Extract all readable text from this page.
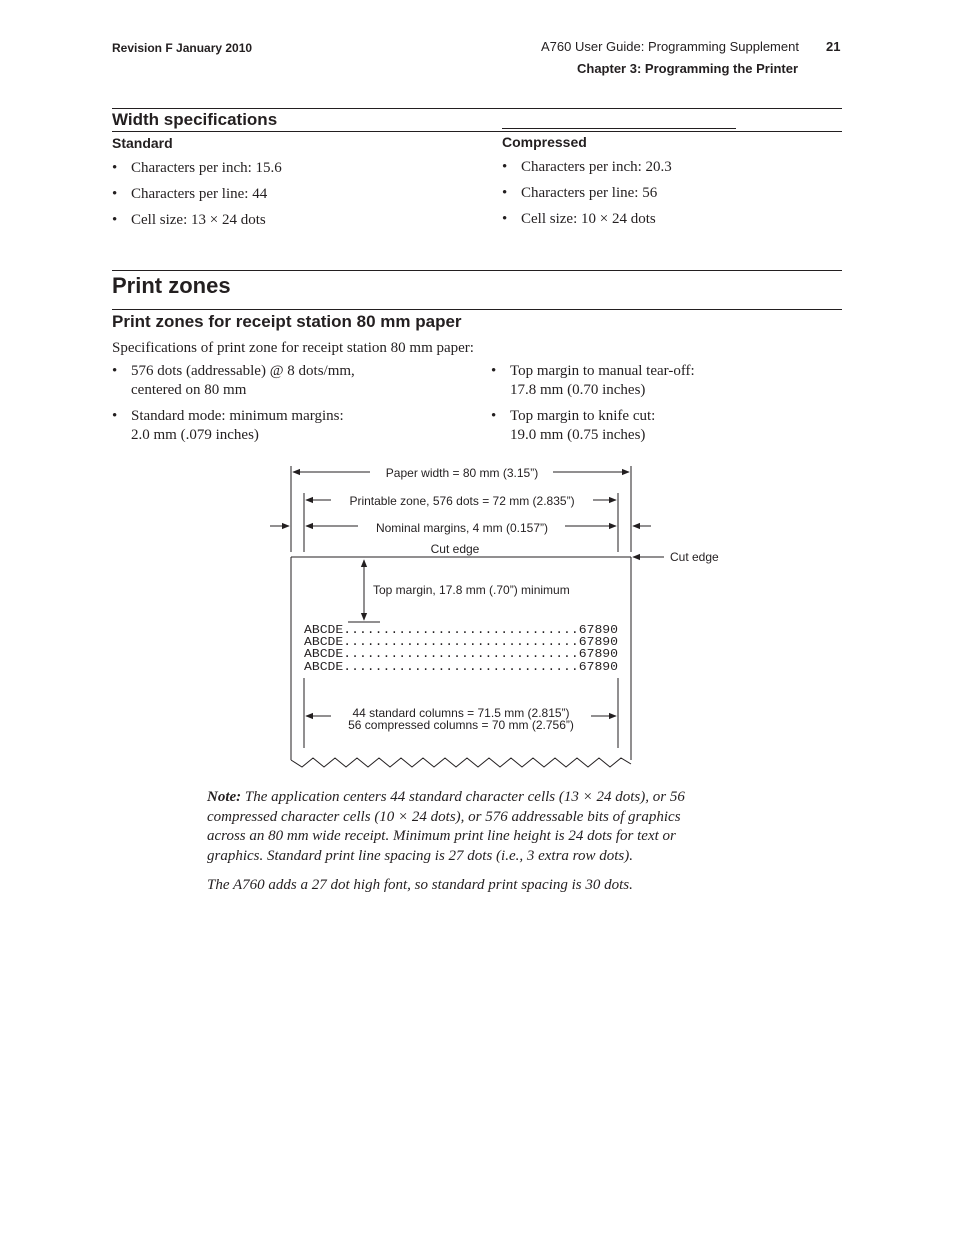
Revision F January 2010	A760 User Guide: Programming Supplement 21
Chapter 3: Programming the Printer
Width specifications
Standard
• Characters per inch: 15.6
• Characters per line: 44
• Cell size: 13 × 24 dots
Compressed
• Characters per inch: 20.3
• Characters per line: 56
• Cell size: 10 × 24 dots
Print zones
Print zones for receipt station 80 mm paper
Specifications of print zone for receipt station 80 mm paper:
• 576 dots (addressable) @ 8 dots/mm,
centered on 80 mm
• Standard mode: minimum margins:
2.0 mm (.079 inches)
• Top margin to manual tear-off:
17.8 mm (0.70 inches)
• Top margin to knife cut:
19.0 mm (0.75 inches)
Paper width = 80 mm (3.15”)
Printable zone, 576 dots = 72 mm (2.835”)
Nominal margins, 4 mm (0.157”)
Cut edge
Cut edge
Top margin, 17.8 mm (.70”) minimum
ABCDE..............................67890
ABCDE..............................67890
ABCDE..............................67890
ABCDE..............................67890
44 standard columns = 71.5 mm (2.815”)
56 compressed columns = 70 mm (2.756”)

Note: The application centers 44 standard character cells (13 × 24 dots), or 56 compressed character cells (10 × 24 dots), or 576 addressable bits of graphics across an 80 mm wide receipt. Minimum print line height is 24 dots for text or graphics. Standard print line spacing is 27 dots (i.e., 3 extra row dots).

The A760 adds a 27 dot high font, so standard print spacing is 30 dots.
